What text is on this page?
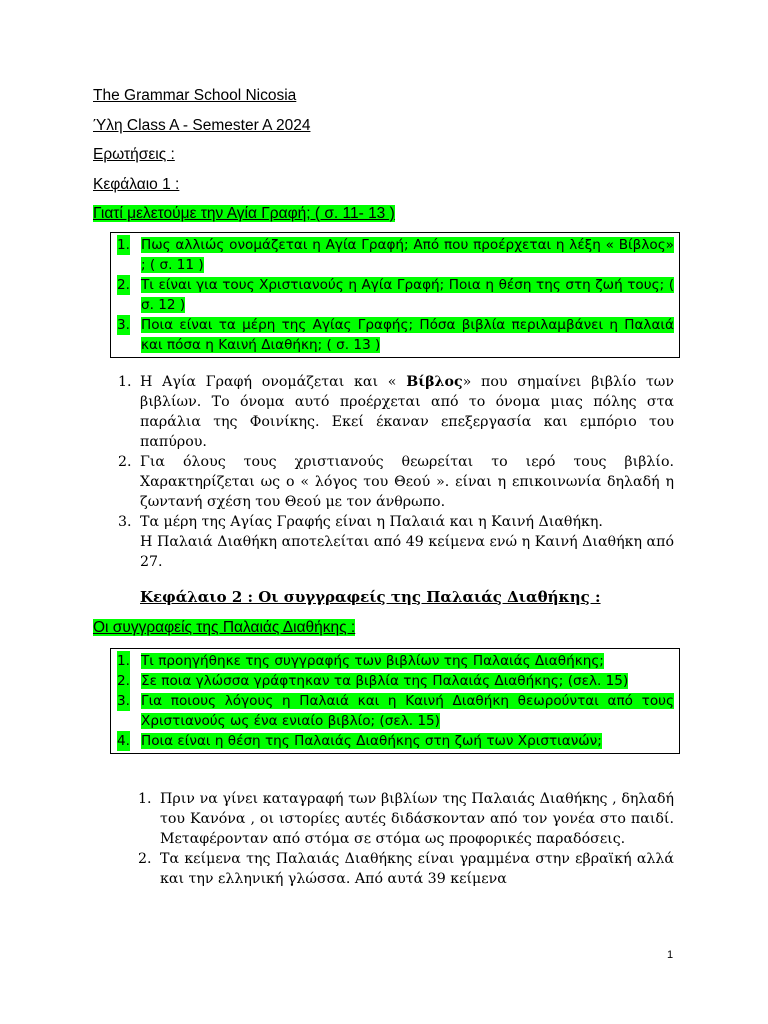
The Grammar School Nicosia
Ύλη Class A - Semester A 2024
Ερωτήσεις :
Κεφάλαιο 1 :
Γιατί μελετούμε την Αγία Γραφή; ( σ. 11- 13 )
1. Πως αλλιώς ονομάζεται η Αγία Γραφή; Από που προέρχεται η λέξη « Βίβλος» ; ( σ. 11 )
2. Τι είναι για τους Χριστιανούς η Αγία Γραφή; Ποια η θέση της στη ζωή τους; ( σ. 12 )
3. Ποια είναι τα μέρη της Αγίας Γραφής; Πόσα βιβλία περιλαμβάνει η Παλαιά και πόσα η Καινή Διαθήκη; ( σ. 13 )
1. Η Αγία Γραφή ονομάζεται και « Βίβλος» που σημαίνει βιβλίο των βιβλίων. Το όνομα αυτό προέρχεται από το όνομα μιας πόλης στα παράλια της Φοινίκης. Εκεί έκαναν επεξεργασία και εμπόριο του παπύρου.
2. Για όλους τους χριστιανούς θεωρείται το ιερό τους βιβλίο. Χαρακτηρίζεται ως ο « λόγος του Θεού ». είναι η επικοινωνία δηλαδή η ζωντανή σχέση του Θεού με τον άνθρωπο.
3. Τα μέρη της Αγίας Γραφής είναι η Παλαιά και η Καινή Διαθήκη.
Η Παλαιά Διαθήκη αποτελείται από 49 κείμενα ενώ η Καινή Διαθήκη από 27.
Κεφάλαιο 2 : Οι συγγραφείς της Παλαιάς Διαθήκης :
Οι συγγραφείς της Παλαιάς Διαθήκης :
1. Τι προηγήθηκε της συγγραφής των βιβλίων της Παλαιάς Διαθήκης;
2. Σε ποια γλώσσα γράφτηκαν τα βιβλία της Παλαιάς Διαθήκης; (σελ. 15)
3. Για ποιους λόγους η Παλαιά και η Καινή Διαθήκη θεωρούνται από τους Χριστιανούς ως ένα ενιαίο βιβλίο; (σελ. 15)
4. Ποια είναι η θέση της Παλαιάς Διαθήκης στη ζωή των Χριστιανών;
1. Πριν να γίνει καταγραφή των βιβλίων της Παλαιάς Διαθήκης , δηλαδή του Κανόνα , οι ιστορίες αυτές διδάσκονταν από τον γονέα στο παιδί. Μεταφέρονταν από στόμα σε στόμα ως προφορικές παραδόσεις.
2. Τα κείμενα της Παλαιάς Διαθήκης είναι γραμμένα στην εβραϊκή αλλά και την ελληνική γλώσσα. Από αυτά 39 κείμενα
1
